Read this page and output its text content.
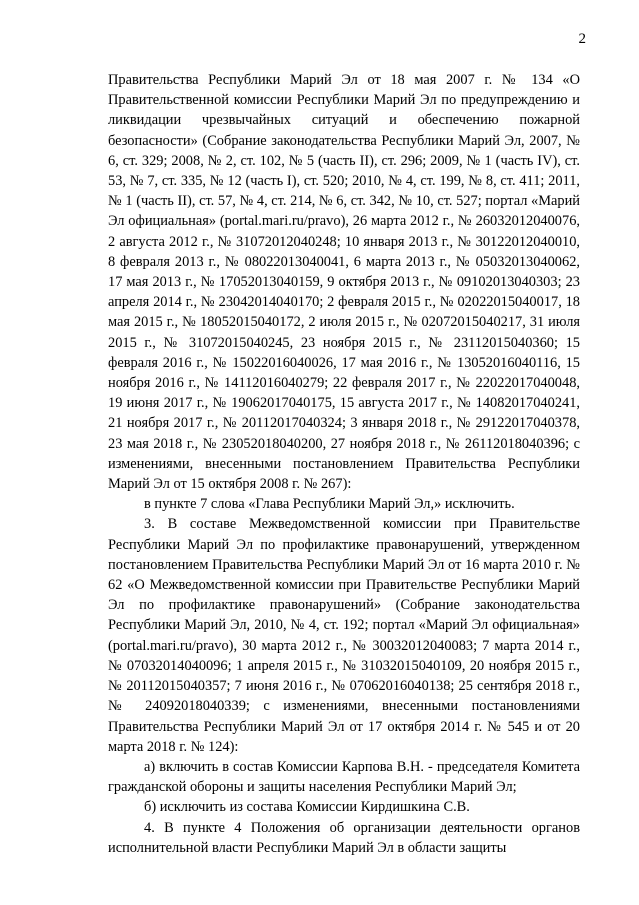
2

Правительства Республики Марий Эл от 18 мая 2007 г. № 134 «О Правительственной комиссии Республики Марий Эл по предупреждению и ликвидации чрезвычайных ситуаций и обеспечению пожарной безопасности» (Собрание законодательства Республики Марий Эл, 2007, № 6, ст. 329; 2008, № 2, ст. 102, № 5 (часть II), ст. 296; 2009, № 1 (часть IV), ст. 53, № 7, ст. 335, № 12 (часть I), ст. 520; 2010, № 4, ст. 199, № 8, ст. 411; 2011, № 1 (часть II), ст. 57, № 4, ст. 214, № 6, ст. 342, № 10, ст. 527; портал «Марий Эл официальная» (portal.mari.ru/pravo), 26 марта 2012 г., № 26032012040076, 2 августа 2012 г., № 31072012040248; 10 января 2013 г., № 30122012040010, 8 февраля 2013 г., № 08022013040041, 6 марта 2013 г., № 05032013040062, 17 мая 2013 г., № 17052013040159, 9 октября 2013 г., № 09102013040303; 23 апреля 2014 г., № 23042014040170; 2 февраля 2015 г., № 02022015040017, 18 мая 2015 г., № 18052015040172, 2 июля 2015 г., № 02072015040217, 31 июля 2015 г., № 31072015040245, 23 ноября 2015 г., № 23112015040360; 15 февраля 2016 г., № 15022016040026, 17 мая 2016 г., № 13052016040116, 15 ноября 2016 г., № 14112016040279; 22 февраля 2017 г., № 22022017040048, 19 июня 2017 г., № 19062017040175, 15 августа 2017 г., № 14082017040241, 21 ноября 2017 г., № 20112017040324; 3 января 2018 г., № 29122017040378, 23 мая 2018 г., № 23052018040200, 27 ноября 2018 г., № 26112018040396; с изменениями, внесенными постановлением Правительства Республики Марий Эл от 15 октября 2008 г. № 267):

в пункте 7 слова «Глава Республики Марий Эл,» исключить.

3. В составе Межведомственной комиссии при Правительстве Республики Марий Эл по профилактике правонарушений, утвержденном постановлением Правительства Республики Марий Эл от 16 марта 2010 г. № 62 «О Межведомственной комиссии при Правительстве Республики Марий Эл по профилактике правонарушений» (Собрание законодательства Республики Марий Эл, 2010, № 4, ст. 192; портал «Марий Эл официальная» (portal.mari.ru/pravo), 30 марта 2012 г., № 30032012040083; 7 марта 2014 г., № 07032014040096; 1 апреля 2015 г., № 31032015040109, 20 ноября 2015 г., № 20112015040357; 7 июня 2016 г., № 07062016040138; 25 сентября 2018 г., № 24092018040339; с изменениями, внесенными постановлениями Правительства Республики Марий Эл от 17 октября 2014 г. № 545 и от 20 марта 2018 г. № 124):

а) включить в состав Комиссии Карпова В.Н. - председателя Комитета гражданской обороны и защиты населения Республики Марий Эл;

б) исключить из состава Комиссии Кирдишкина С.В.

4. В пункте 4 Положения об организации деятельности органов исполнительной власти Республики Марий Эл в области защиты
